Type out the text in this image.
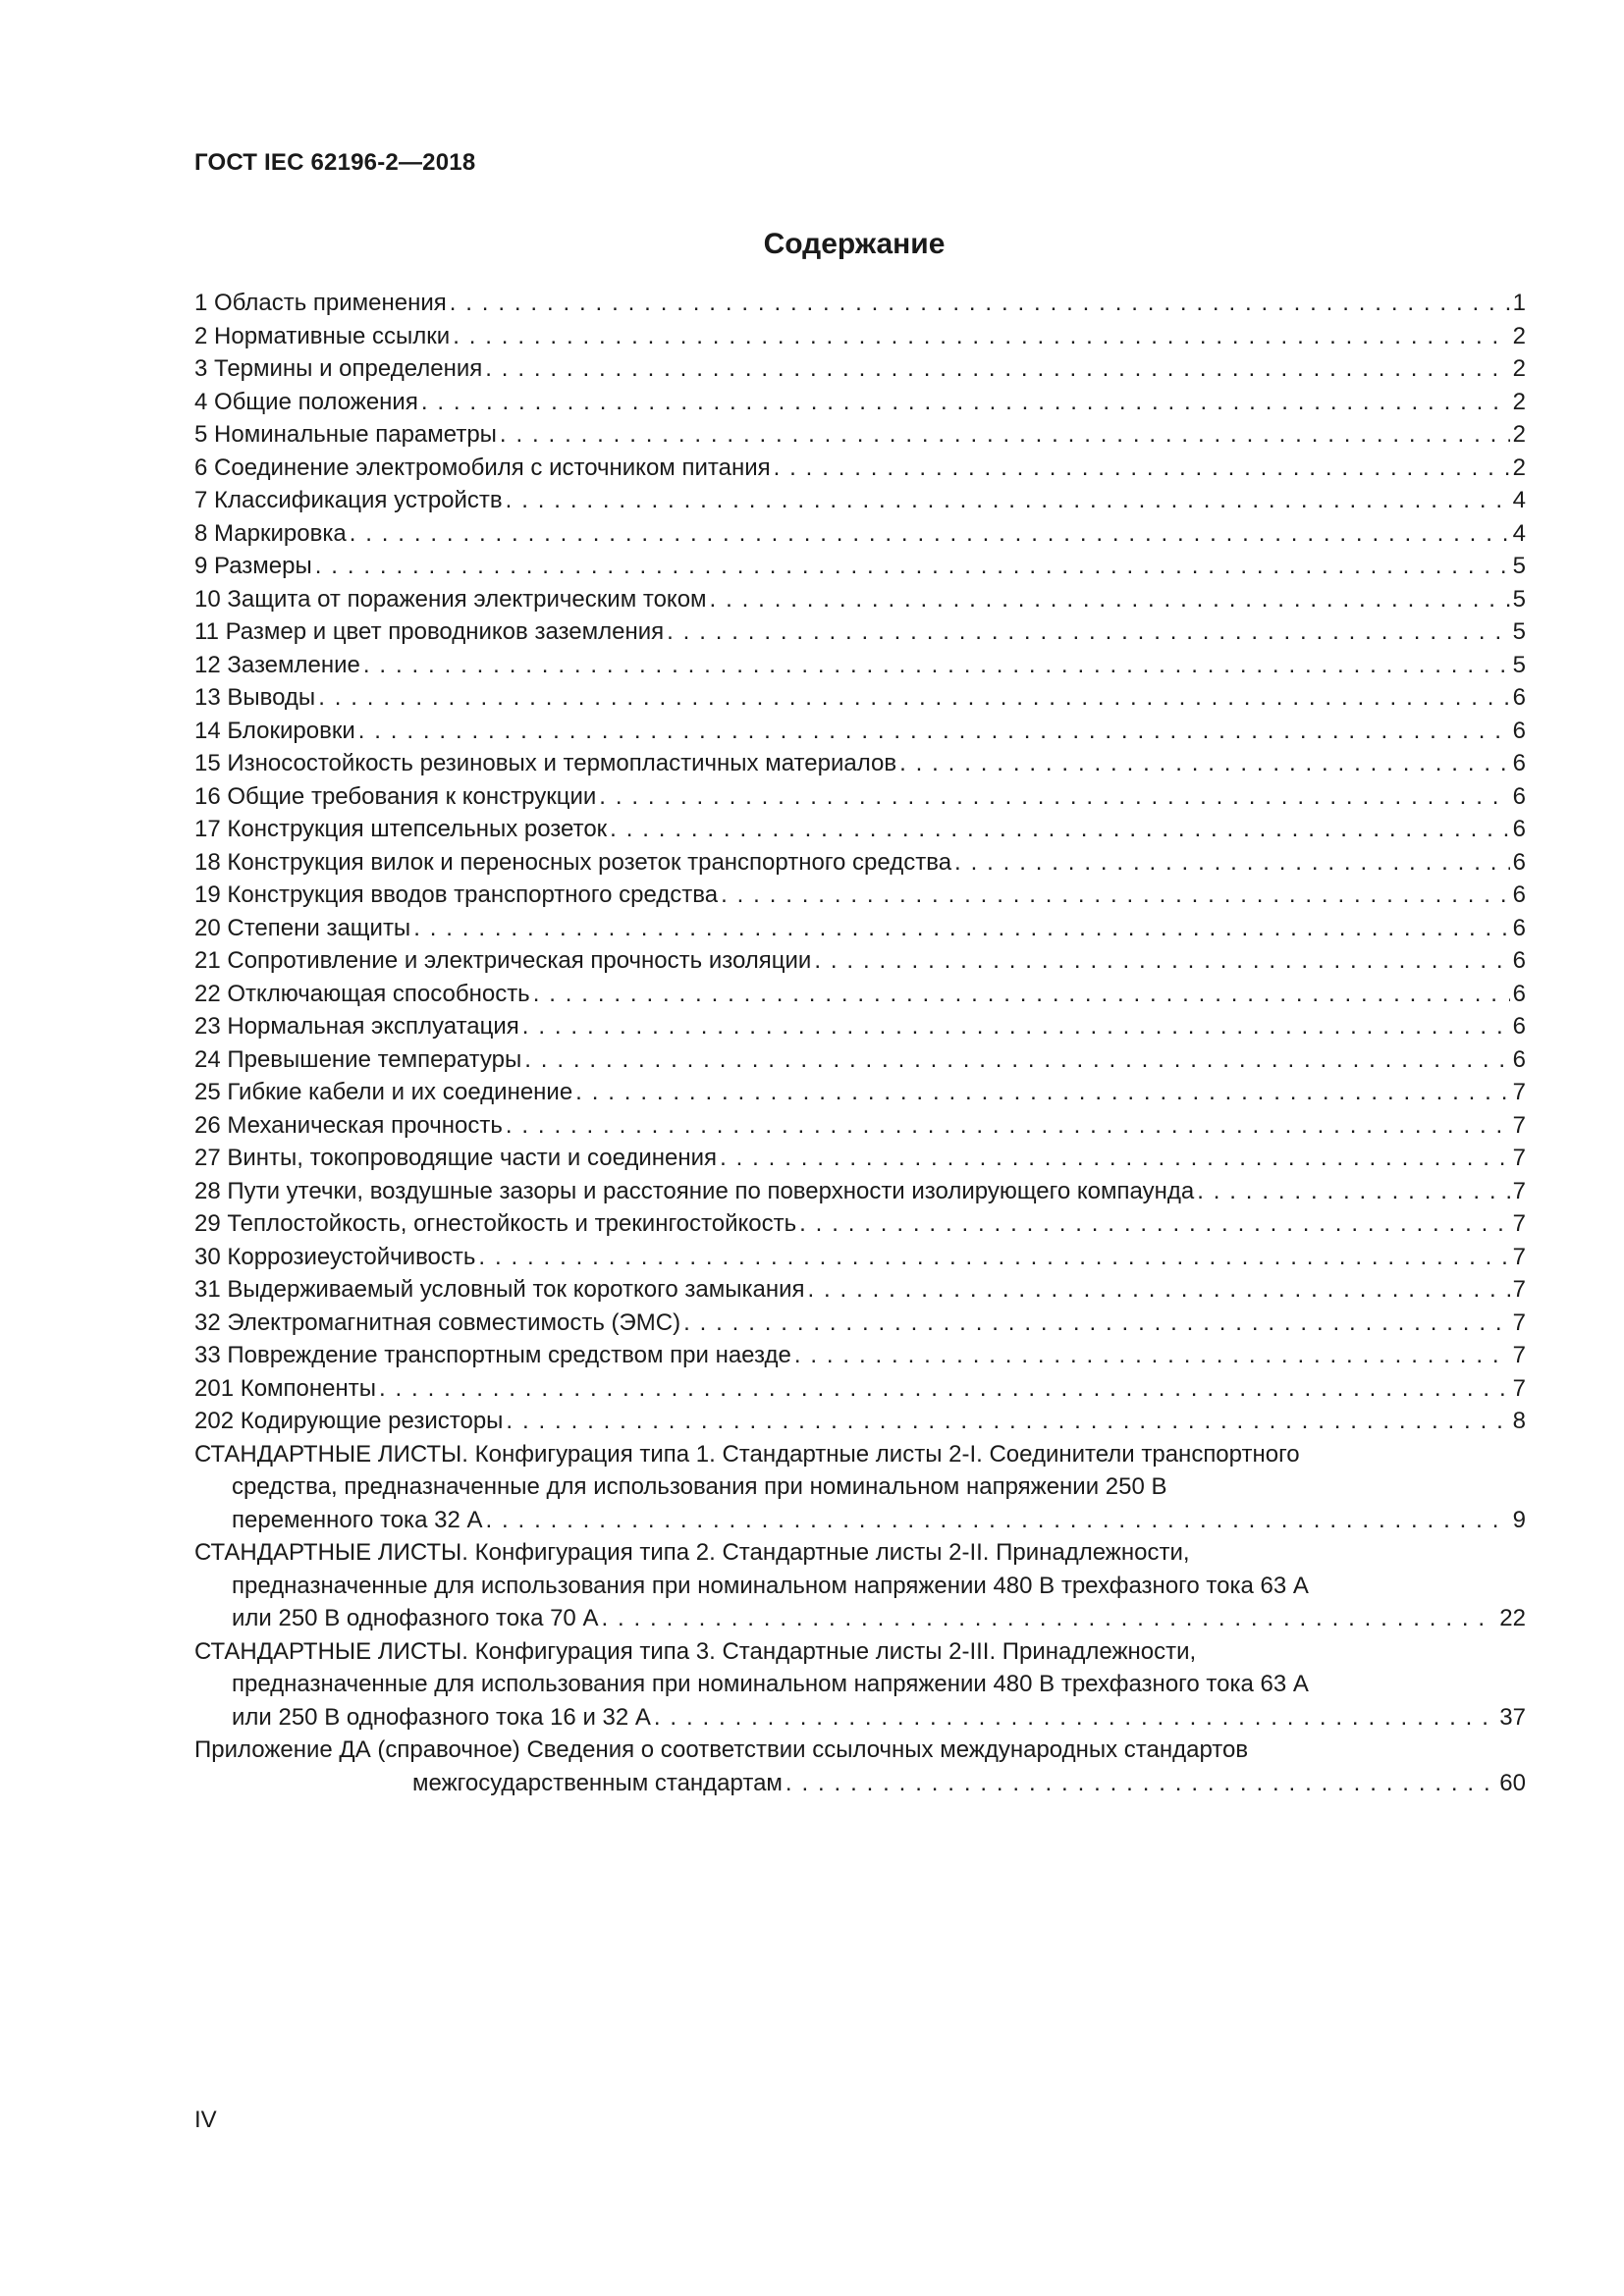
ГОСТ IEC 62196-2—2018
Содержание
1 Область применения . . .	1
2 Нормативные ссылки . . .	2
3 Термины и определения . . .	2
4 Общие положения . . .	2
5 Номинальные параметры . . .	2
6 Соединение электромобиля с источником питания . . .	2
7 Классификация устройств . . .	4
8 Маркировка . . .	4
9 Размеры . . .	5
10 Защита от поражения электрическим током . . .	5
11 Размер и цвет проводников заземления . . .	5
12 Заземление . . .	5
13 Выводы . . .	6
14 Блокировки . . .	6
15 Износостойкость резиновых и термопластичных материалов . . .	6
16 Общие требования к конструкции . . .	6
17 Конструкция штепсельных розеток . . .	6
18 Конструкция вилок и переносных розеток транспортного средства . . .	6
19 Конструкция вводов транспортного средства . . .	6
20 Степени защиты . . .	6
21 Сопротивление и электрическая прочность изоляции . . .	6
22 Отключающая способность . . .	6
23 Нормальная эксплуатация . . .	6
24 Превышение температуры . . .	6
25 Гибкие кабели и их соединение . . .	7
26 Механическая прочность . . .	7
27 Винты, токопроводящие части и соединения . . .	7
28 Пути утечки, воздушные зазоры и расстояние по поверхности изолирующего компаунда . . .	7
29 Теплостойкость, огнестойкость и трекингостойкость . . .	7
30 Коррозиеустойчивость . . .	7
31 Выдерживаемый условный ток короткого замыкания . . .	7
32 Электромагнитная совместимость (ЭМС) . . .	7
33 Повреждение транспортным средством при наезде . . .	7
201 Компоненты . . .	7
202 Кодирующие резисторы . . .	8
СТАНДАРТНЫЕ ЛИСТЫ. Конфигурация типа 1. Стандартные листы 2-I. Соединители транспортного
средства, предназначенные для использования при номинальном напряжении 250 В
переменного тока 32 А . . .	9
СТАНДАРТНЫЕ ЛИСТЫ. Конфигурация типа 2. Стандартные листы 2-II. Принадлежности,
предназначенные для использования при номинальном напряжении 480 В трехфазного тока 63 А
или 250 В однофазного тока 70 А . . .	22
СТАНДАРТНЫЕ ЛИСТЫ. Конфигурация типа 3. Стандартные листы 2-III. Принадлежности,
предназначенные для использования при номинальном напряжении 480 В трехфазного тока 63 А
или 250 В однофазного тока 16 и 32 А . . .	37
Приложение ДА (справочное) Сведения о соответствии ссылочных международных стандартов
межгосударственным стандартам . . .	60
IV
